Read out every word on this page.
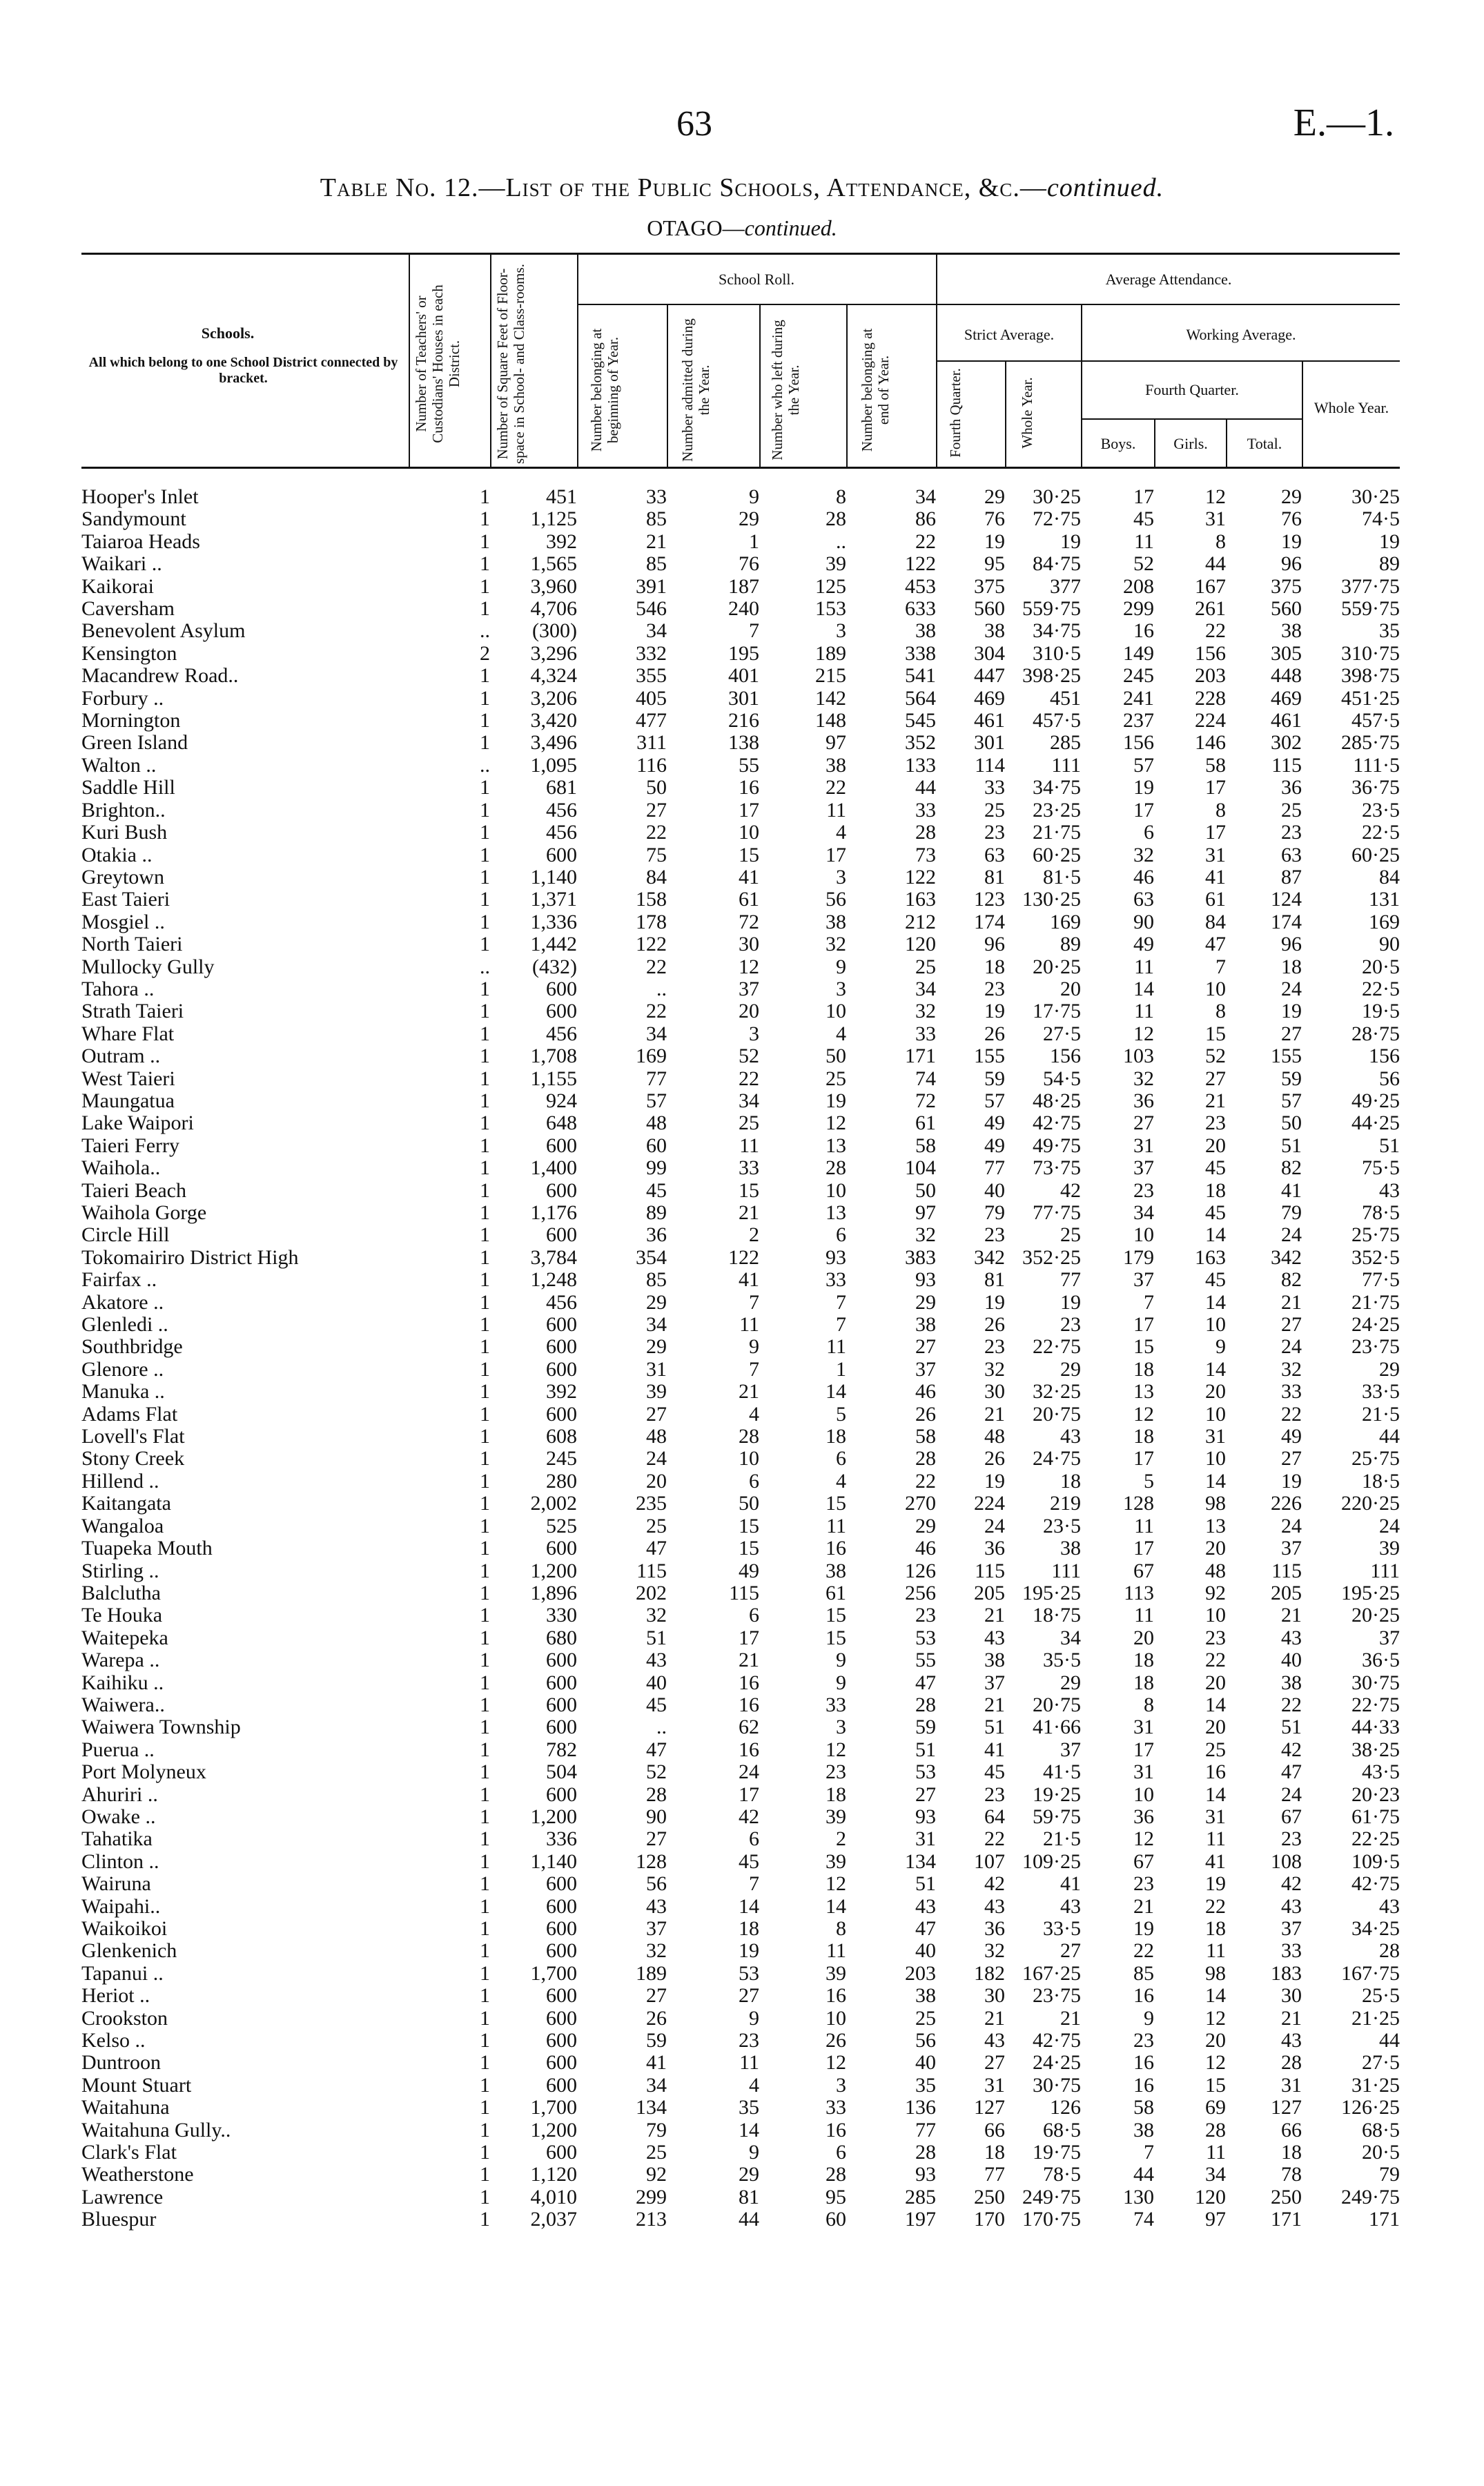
63	E.—1.
Table No. 12.—List of the Public Schools, Attendance, &c.—continued.
OTAGO—continued.
Schools.
All which belong to one School District connected by bracket.	Number of Teachers' or Custodians' Houses in each District. Number of Square Feet of Floor-space in School- and Class-rooms.	School Roll.
Number belonging at beginning of Year.	Number admitted during the Year.	Number who left during the Year.	Number belonging at end of Year.
Average Attendance.
Strict Average.	Working Average.
Fourth Quarter.	Whole Year.	Fourth Quarter.
Boys.	Girls.	Total.
Whole Year.
Hooper's Inlet	1	451	33	9	8	34	29	30·25	17	12	29	30·25
Sandymount	1	1,125	85	29	28	86	76	72·75	45	31	76	74·5
Taiaroa Heads	1	392	21	1	..	22	19	19	11	8	19	19
Waikari ..	1	1,565	85	76	39	122	95	84·75	52	44	96	89
Kaikorai	1	3,960	391	187	125	453	375	377	208	167	375	377·75
Caversham	1	4,706	546	240	153	633	560	559·75	299	261	560	559·75
Benevolent Asylum	..	(300)	34	7	3	38	38	34·75	16	22	38	35
Kensington	2	3,296	332	195	189	338	304	310·5	149	156	305	310·75
Macandrew Road..	1	4,324	355	401	215	541	447	398·25	245	203	448	398·75
Forbury ..	1	3,206	405	301	142	564	469	451	241	228	469	451·25
Mornington	1	3,420	477	216	148	545	461	457·5	237	224	461	457·5
Green Island	1	3,496	311	138	97	352	301	285	156	146	302	285·75
Walton ..	..	1,095	116	55	38	133	114	111	57	58	115	111·5
Saddle Hill	1	681	50	16	22	44	33	34·75	19	17	36	36·75
Brighton..	1	456	27	17	11	33	25	23·25	17	8	25	23·5
Kuri Bush	1	456	22	10	4	28	23	21·75	6	17	23	22·5
Otakia ..	1	600	75	15	17	73	63	60·25	32	31	63	60·25
Greytown	1	1,140	84	41	3	122	81	81·5	46	41	87	84
East Taieri	1	1,371	158	61	56	163	123	130·25	63	61	124	131
Mosgiel ..	1	1,336	178	72	38	212	174	169	90	84	174	169
North Taieri	1	1,442	122	30	32	120	96	89	49	47	96	90
Mullocky Gully	..	(432)	22	12	9	25	18	20·25	11	7	18	20·5
Tahora ..	1	600	..	37	3	34	23	20	14	10	24	22·5
Strath Taieri	1	600	22	20	10	32	19	17·75	11	8	19	19·5
Whare Flat	1	456	34	3	4	33	26	27·5	12	15	27	28·75
Outram ..	1	1,708	169	52	50	171	155	156	103	52	155	156
West Taieri	1	1,155	77	22	25	74	59	54·5	32	27	59	56
Maungatua	1	924	57	34	19	72	57	48·25	36	21	57	49·25
Lake Waipori	1	648	48	25	12	61	49	42·75	27	23	50	44·25
Taieri Ferry	1	600	60	11	13	58	49	49·75	31	20	51	51
Waihola..	1	1,400	99	33	28	104	77	73·75	37	45	82	75·5
Taieri Beach	1	600	45	15	10	50	40	42	23	18	41	43
Waihola Gorge	1	1,176	89	21	13	97	79	77·75	34	45	79	78·5
Circle Hill	1	600	36	2	6	32	23	25	10	14	24	25·75
Tokomairiro District High	1	3,784	354	122	93	383	342	352·25	179	163	342	352·5
Fairfax ..	1	1,248	85	41	33	93	81	77	37	45	82	77·5
Akatore ..	1	456	29	7	7	29	19	19	7	14	21	21·75
Glenledi ..	1	600	34	11	7	38	26	23	17	10	27	24·25
Southbridge	1	600	29	9	11	27	23	22·75	15	9	24	23·75
Glenore ..	1	600	31	7	1	37	32	29	18	14	32	29
Manuka ..	1	392	39	21	14	46	30	32·25	13	20	33	33·5
Adams Flat	1	600	27	4	5	26	21	20·75	12	10	22	21·5
Lovell's Flat	1	608	48	28	18	58	48	43	18	31	49	44
Stony Creek	1	245	24	10	6	28	26	24·75	17	10	27	25·75
Hillend ..	1	280	20	6	4	22	19	18	5	14	19	18·5
Kaitangata	1	2,002	235	50	15	270	224	219	128	98	226	220·25
Wangaloa	1	525	25	15	11	29	24	23·5	11	13	24	24
Tuapeka Mouth	1	600	47	15	16	46	36	38	17	20	37	39
Stirling ..	1	1,200	115	49	38	126	115	111	67	48	115	111
Balclutha	1	1,896	202	115	61	256	205	195·25	113	92	205	195·25
Te Houka	1	330	32	6	15	23	21	18·75	11	10	21	20·25
Waitepeka	1	680	51	17	15	53	43	34	20	23	43	37
Warepa ..	1	600	43	21	9	55	38	35·5	18	22	40	36·5
Kaihiku ..	1	600	40	16	9	47	37	29	18	20	38	30·75
Waiwera..	1	600	45	16	33	28	21	20·75	8	14	22	22·75
Waiwera Township	1	600	..	62	3	59	51	41·66	31	20	51	44·33
Puerua ..	1	782	47	16	12	51	41	37	17	25	42	38·25
Port Molyneux	1	504	52	24	23	53	45	41·5	31	16	47	43·5
Ahuriri ..	1	600	28	17	18	27	23	19·25	10	14	24	20·23
Owake ..	1	1,200	90	42	39	93	64	59·75	36	31	67	61·75
Tahatika	1	336	27	6	2	31	22	21·5	12	11	23	22·25
Clinton ..	1	1,140	128	45	39	134	107	109·25	67	41	108	109·5
Wairuna	1	600	56	7	12	51	42	41	23	19	42	42·75
Waipahi..	1	600	43	14	14	43	43	43	21	22	43	43
Waikoikoi	1	600	37	18	8	47	36	33·5	19	18	37	34·25
Glenkenich	1	600	32	19	11	40	32	27	22	11	33	28
Tapanui ..	1	1,700	189	53	39	203	182	167·25	85	98	183	167·75
Heriot ..	1	600	27	27	16	38	30	23·75	16	14	30	25·5
Crookston	1	600	26	9	10	25	21	21	9	12	21	21·25
Kelso ..	1	600	59	23	26	56	43	42·75	23	20	43	44
Duntroon	1	600	41	11	12	40	27	24·25	16	12	28	27·5
Mount Stuart	1	600	34	4	3	35	31	30·75	16	15	31	31·25
Waitahuna	1	1,700	134	35	33	136	127	126	58	69	127	126·25
Waitahuna Gully..	1	1,200	79	14	16	77	66	68·5	38	28	66	68·5
Clark's Flat	1	600	25	9	6	28	18	19·75	7	11	18	20·5
Weatherstone	1	1,120	92	29	28	93	77	78·5	44	34	78	79
Lawrence	1	4,010	299	81	95	285	250	249·75	130	120	250	249·75
Bluespur	1	2,037	213	44	60	197	170	170·75	74	97	171	171
